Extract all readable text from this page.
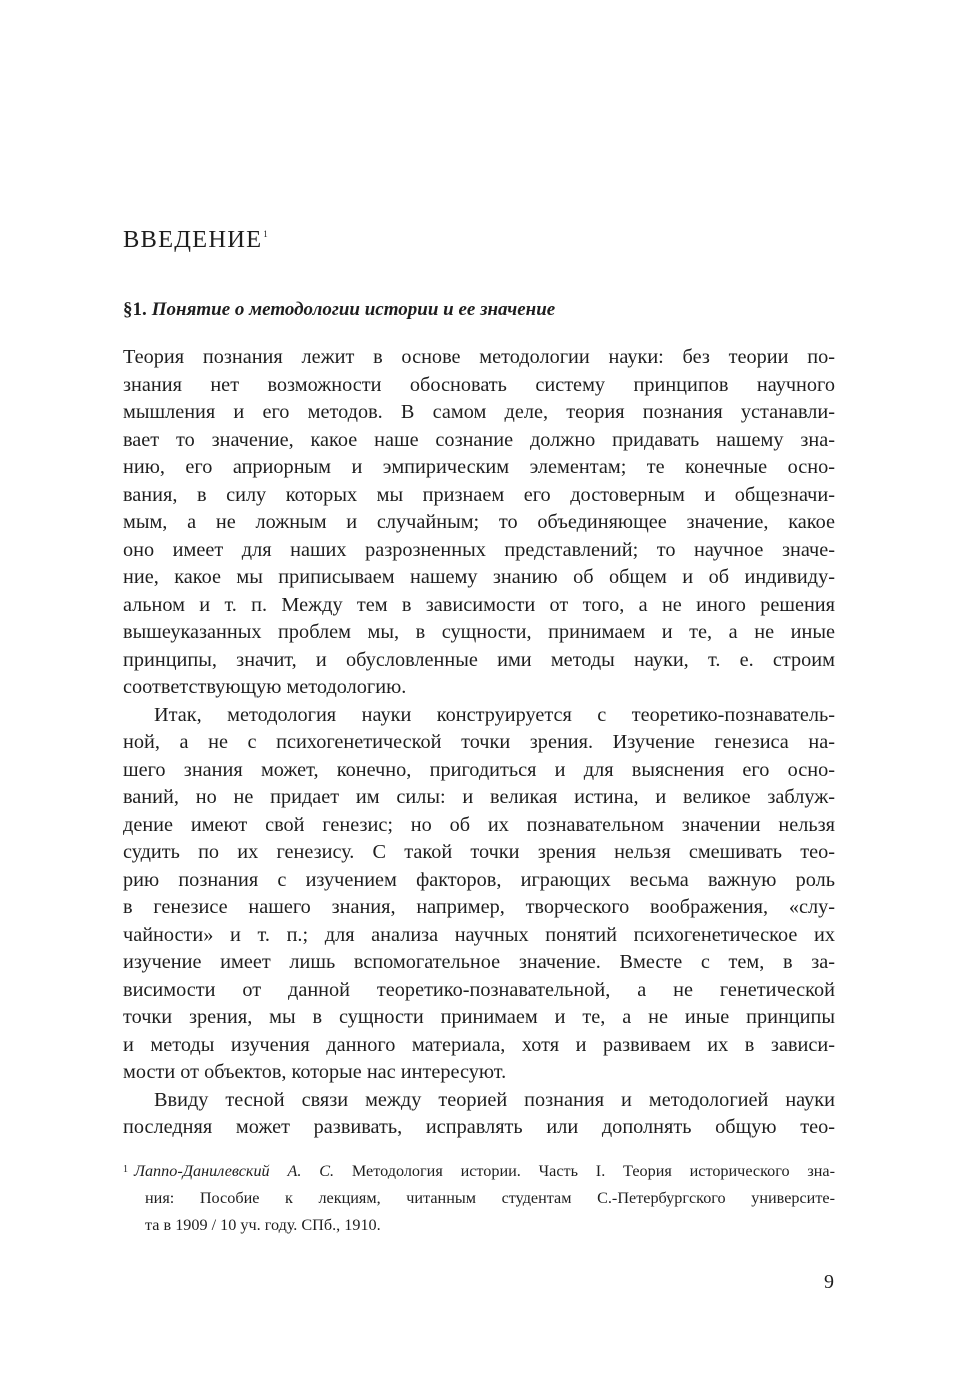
ВВЕДЕНИЕ$^1$
§1. Понятие о методологии истории и ее значение
Теория познания лежит в основе методологии науки: без теории по-
знания нет возможности обосновать систему принципов научного
мышления и его методов. В самом деле, теория познания устанавли-
вает то значение, какое наше сознание должно придавать нашему зна-
нию, его априорным и эмпирическим элементам; те конечные осно-
вания, в силу которых мы признаем его достоверным и общезначи-
мым, а не ложным и случайным; то объединяющее значение, какое
оно имеет для наших разрозненных представлений; то научное значе-
ние, какое мы приписываем нашему знанию об общем и об индивиду-
альном и т. п. Между тем в зависимости от того, а не иного решения
вышеуказанных проблем мы, в сущности, принимаем и те, а не иные
принципы, значит, и обусловленные ими методы науки, т. е. строим
соответствующую методологию.
Итак, методология науки конструируется с теоретико-познаватель-
ной, а не с психогенетической точки зрения. Изучение генезиса на-
шего знания может, конечно, пригодиться и для выяснения его осно-
ваний, но не придает им силы: и великая истина, и великое заблуж-
дение имеют свой генезис; но об их познавательном значении нельзя
судить по их генезису. С такой точки зрения нельзя смешивать тео-
рию познания с изучением факторов, играющих весьма важную роль
в генезисе нашего знания, например, творческого воображения, «слу-
чайности» и т. п.; для анализа научных понятий психогенетическое их
изучение имеет лишь вспомогательное значение. Вместе с тем, в за-
висимости от данной теоретико-познавательной, а не генетической
точки зрения, мы в сущности принимаем и те, а не иные принципы
и методы изучения данного материала, хотя и развиваем их в зависи-
мости от объектов, которые нас интересуют.
Ввиду тесной связи между теорией познания и методологией науки
последняя может развивать, исправлять или дополнять общую тео-
$^1$ Лаппо-Данилевский А. С. Методология истории. Часть I. Теория исторического зна-
ния: Пособие к лекциям, читанным студентам С.-Петербургского университе-
та в 1909 / 10 уч. году. СПб., 1910.
9
